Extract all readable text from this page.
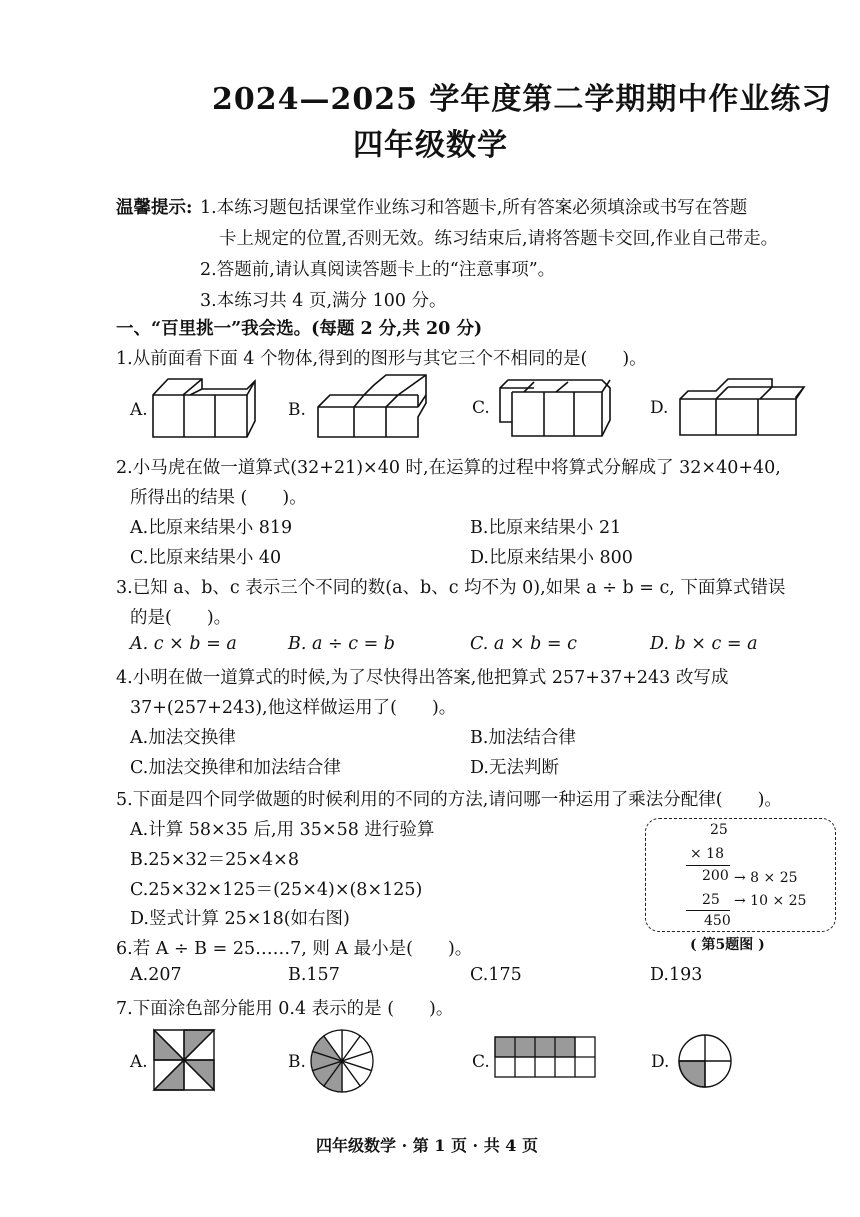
2024—2025 学年度第二学期期中作业练习
四年级数学
温馨提示: 1.本练习题包括课堂作业练习和答题卡,所有答案必须填涂或书写在答题
卡上规定的位置,否则无效。练习结束后,请将答题卡交回,作业自己带走。
2.答题前,请认真阅读答题卡上的“注意事项”。
3.本练习共 4 页,满分 100 分。
一、“百里挑一”我会选。(每题 2 分,共 20 分)
1.从前面看下面 4 个物体,得到的图形与其它三个不相同的是(　　)。
A.	B.	C.	D.
2.小马虎在做一道算式(32+21)×40 时,在运算的过程中将算式分解成了 32×40+40,
所得出的结果 (　　)。
A.比原来结果小 819	B.比原来结果小 21
C.比原来结果小 40	D.比原来结果小 800
3.已知 a、b、c 表示三个不同的数(a、b、c 均不为 0),如果 a ÷ b = c, 下面算式错误
的是(　　)。
A. c × b = a	B. a ÷ c = b	C. a × b = c	D. b × c = a
4.小明在做一道算式的时候,为了尽快得出答案,他把算式 257+37+243 改写成
37+(257+243),他这样做运用了(　　)。
A.加法交换律	B.加法结合律
C.加法交换律和加法结合律	D.无法判断
5.下面是四个同学做题的时候利用的不同的方法,请问哪一种运用了乘法分配律(　　)。
A.计算 58×35 后,用 35×58 进行验算
B.25×32＝25×4×8
C.25×32×125＝(25×4)×(8×125)
D.竖式计算 25×18(如右图)
25
× 18
200 → 8 × 25
25 → 10 × 25
450
( 第5题图 )
6.若 A ÷ B = 25……7, 则 A 最小是(　　)。
A.207	B.157	C.175	D.193
7.下面涂色部分能用 0.4 表示的是 (　　)。
A.	B.	C.	D.
四年级数学 · 第 1 页 · 共 4 页
